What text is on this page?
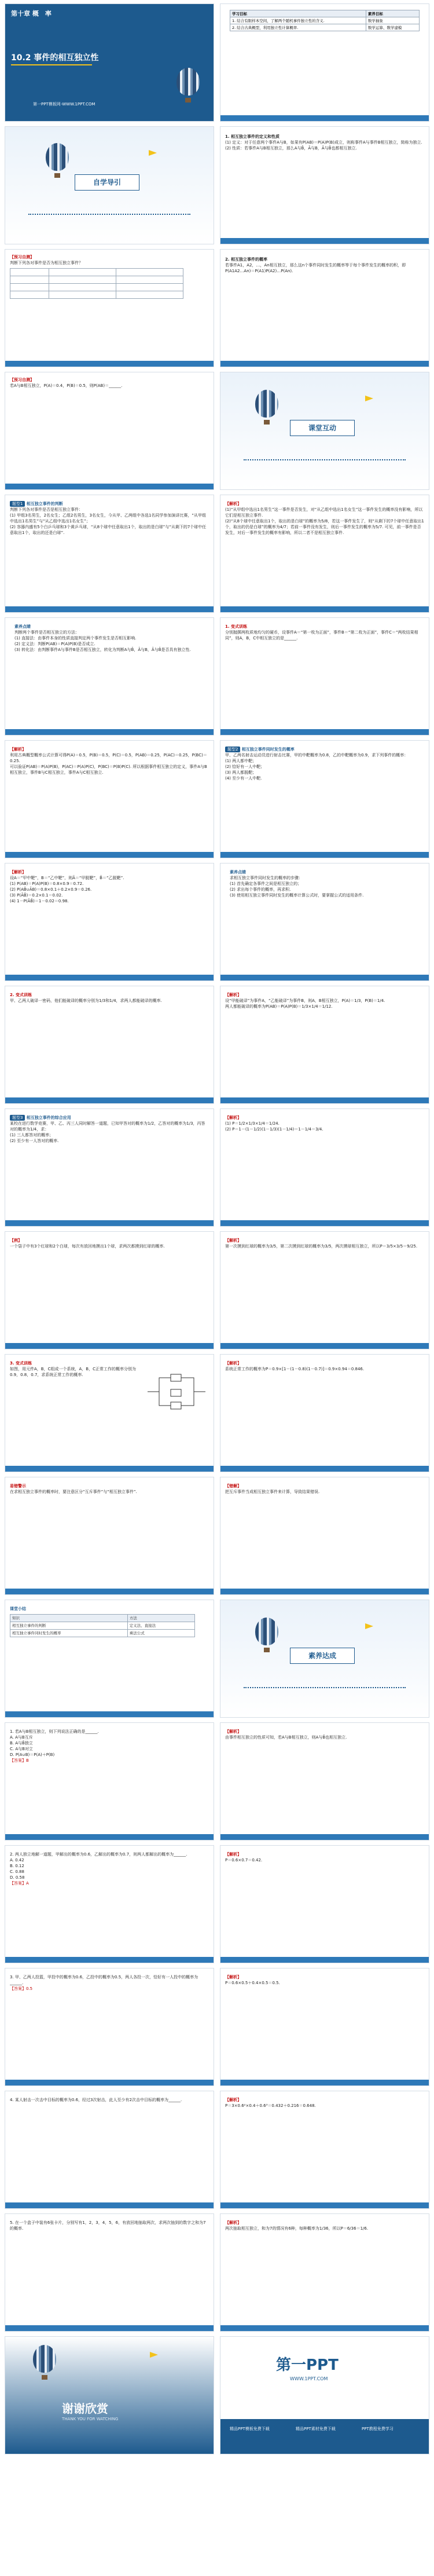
第十章 概　率
10.2 事件的相互独立性
第一PPT模板网-WWW.1PPT.COM
学习目标	素养目标
1. 结合有限样本空间，了解两个随机事件独立性的含义.	数学抽象
2. 结合古典概型，利用独立性计算概率.	数学运算、数学建模
自学导引
1. 相互独立事件的定义和性质
(1) 定义：对于任意两个事件A与B，如果有P(AB)＝P(A)P(B)成立，则称事件A与事件B相互独立，简称为独立.
(2) 性质：若事件A与B相互独立，那么A与B̄，Ā与B，Ā与B̄也都相互独立.
【预习自测】
判断下列各对事件是否为相互独立事件？

2. 相互独立事件的概率
若事件A1，A2，…，An相互独立，那么这n个事件同时发生的概率等于每个事件发生的概率的积，即P(A1A2…An)＝P(A1)P(A2)…P(An).
【预习自测】
若A与B相互独立，P(A)＝0.4，P(B)＝0.5，则P(AB)＝______.
课堂互动
题型1 相互独立事件的判断
判断下列各对事件是否是相互独立事件：
(1) 甲组3名男生，2名女生；乙组2名男生，3名女生，今从甲、乙两组中各选1名同学参加演讲比赛，“从甲组中选出1名男生”与“从乙组中选出1名女生”；
(2) 容器内盛有5个白乒乓球和3个黄乒乓球，“从8个球中任意取出1个，取出的是白球”与“从剩下的7个球中任意取出1个，取出的还是白球”.
【解析】
(1)“从甲组中选出1名男生”这一事件是否发生，对“从乙组中选出1名女生”这一事件发生的概率没有影响，所以它们是相互独立事件.
(2)“从8个球中任意取出1个，取出的是白球”的概率为5/8，若这一事件发生了，则“从剩下的7个球中任意取出1个，取出的仍是白球”的概率为4/7；若前一事件没有发生，则后一事件发生的概率为5/7. 可见，前一事件是否发生，对后一事件发生的概率有影响，所以二者不是相互独立事件.
素养点睛
判断两个事件是否相互独立的方法：
(1) 直接法：由事件本身的性质直接判定两个事件发生是否相互影响.
(2) 定义法：判断P(AB)＝P(A)P(B)是否成立.
(3) 转化法：由判断事件A与事件B是否相互独立，转化为判断A与B̄，Ā与B，Ā与B̄是否具有独立性.
1. 变式训练
分别抛掷两枚质地均匀的硬币，设事件A＝“第一枚为正面”，事件B＝“第二枚为正面”，事件C＝“两枚结果相同”，则A，B，C中相互独立的是______.
【解析】
利用古典概型概率公式计算可得P(A)＝0.5，P(B)＝0.5，P(C)＝0.5，P(AB)＝0.25，P(AC)＝0.25，P(BC)＝0.25.
可以验证P(AB)＝P(A)P(B)，P(AC)＝P(A)P(C)，P(BC)＝P(B)P(C). 所以根据事件相互独立的定义，事件A与B相互独立，事件B与C相互独立，事件A与C相互独立.
题型2 相互独立事件同时发生的概率
甲、乙两名射击运动员进行射击比赛，甲的中靶概率为0.8，乙的中靶概率为0.9，求下列事件的概率：
(1) 两人都中靶；
(2) 恰好有一人中靶；
(3) 两人都脱靶；
(4) 至少有一人中靶.
【解析】
设A＝“甲中靶”，B＝“乙中靶”，则Ā＝“甲脱靶”，B̄＝“乙脱靶”.
(1) P(AB)＝P(A)P(B)＝0.8×0.9＝0.72.
(2) P(AB̄∪ĀB)＝0.8×0.1＋0.2×0.9＝0.26.
(3) P(ĀB̄)＝0.2×0.1＝0.02.
(4) 1－P(ĀB̄)＝1－0.02＝0.98.
素养点睛
求相互独立事件同时发生的概率的步骤：
(1) 首先确定各事件之间是相互独立的；
(2) 求出每个事件的概率，再求积.
(3) 使用相互独立事件同时发生的概率计算公式时，要掌握公式的适用条件.
2. 变式训练
甲、乙两人破译一密码，他们能破译的概率分别为1/3和1/4，求两人都能破译的概率.
【解析】
设“甲能破译”为事件A，“乙能破译”为事件B，则A，B相互独立，P(A)＝1/3，P(B)＝1/4.
两人都能破译的概率为P(AB)＝P(A)P(B)＝1/3×1/4＝1/12.
题型3 相互独立事件的综合应用
某校在进行数学竞赛，甲、乙、丙三人同时解答一道题，已知甲答对的概率为1/2，乙答对的概率为1/3，丙答对的概率为1/4，求：
(1) 三人都答对的概率；
(2) 至少有一人答对的概率.
【解析】
(1) P＝1/2×1/3×1/4＝1/24.
(2) P＝1－(1－1/2)(1－1/3)(1－1/4)＝1－1/4＝3/4.
【例】
一个袋子中有3个红球和2个白球，每次有放回地摸出1个球，求两次都摸到红球的概率.
【解析】
第一次摸到红球的概率为3/5，第二次摸到红球的概率为3/5，两次摸球相互独立，所以P＝3/5×3/5＝9/25.
3. 变式训练
如图，用元件A，B，C组成一个系统，A，B，C正常工作的概率分别为0.9，0.8，0.7，求系统正常工作的概率.
【解析】
系统正常工作的概率为P＝0.9×[1－(1－0.8)(1－0.7)]＝0.9×0.94＝0.846.
易错警示
在求相互独立事件的概率时，要注意区分“互斥事件”与“相互独立事件”.
【错解】
把互斥事件当成相互独立事件来计算，导致结果错误.
课堂小结
知识	方法
相互独立事件的判断	定义法、直接法
相互独立事件同时发生的概率	乘法公式
素养达成
1. 若A与B相互独立，则下列说法正确的是______.
A. A与B互斥
B. A与B̄独立
C. A与B对立
D. P(A∪B)＝P(A)＋P(B)
【答案】B
【解析】
由事件相互独立的性质可知，若A与B相互独立，则A与B̄也相互独立.
2. 两人独立地解一道题，甲解出的概率为0.6，乙解出的概率为0.7，则两人都解出的概率为______.
A. 0.42
B. 0.12
C. 0.88
D. 0.58
【答案】A
【解析】
P＝0.6×0.7＝0.42.
3. 甲、乙两人投篮，甲投中的概率为0.6，乙投中的概率为0.5，两人各投一次，恰好有一人投中的概率为______.
【答案】0.5
【解析】
P＝0.6×0.5＋0.4×0.5＝0.5.
4. 某人射击一次击中目标的概率为0.6，经过3次射击，此人至少有2次击中目标的概率为______.	【解析】
P＝3×0.6²×0.4＋0.6³＝0.432＋0.216＝0.648.
5. 在一个盒子中装有6张卡片，分别写有1，2，3，4，5，6，有放回地抽取两次，求两次抽到的数字之和为7的概率.
【解析】
两次抽取相互独立，和为7的情况有6种，每种概率为1/36，所以P＝6/36＝1/6.
谢谢欣赏
THANK YOU FOR WATCHING
第一PPT
WWW.1PPT.COM
精品PPT模板免费下载	精品PPT素材免费下载	PPT教程免费学习
